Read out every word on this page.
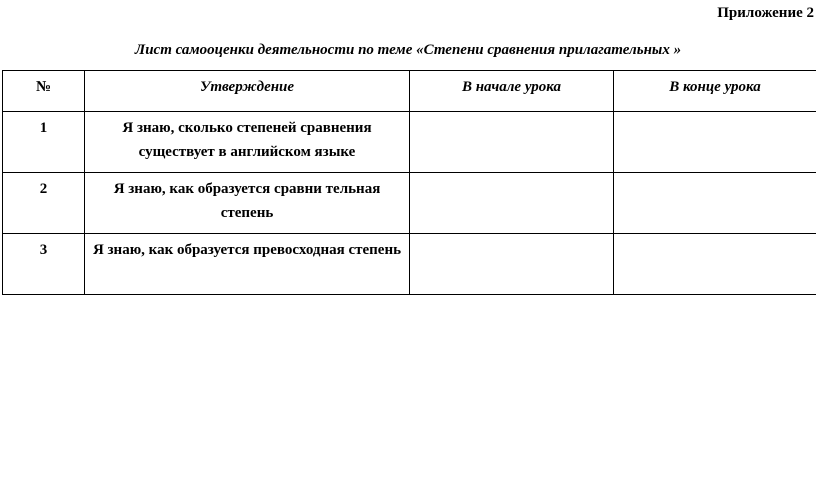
Приложение 2
Лист самооценки деятельности по теме «Степени сравнения прилагательных »
№	Утверждение	В начале урока	В конце урока
1	Я знаю, сколько степеней сравнения существует в английском языке		
2	Я знаю, как образуется сравни тельная степень		
3	Я знаю, как образуется превосходная степень		
